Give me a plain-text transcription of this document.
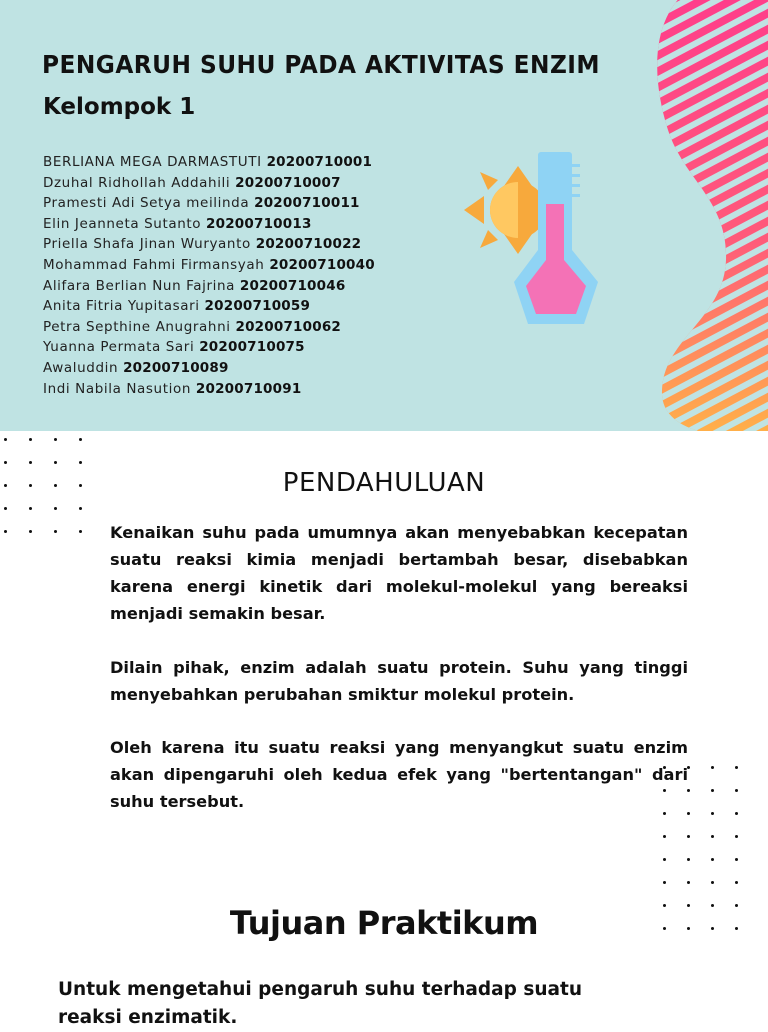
PENGARUH SUHU PADA AKTIVITAS ENZIM
Kelompok 1
BERLIANA MEGA DARMASTUTI 20200710001
Dzuhal Ridhollah Addahili 20200710007
Pramesti Adi Setya meilinda 20200710011
Elin Jeanneta Sutanto 20200710013
Priella Shafa Jinan Wuryanto 20200710022
Mohammad Fahmi Firmansyah 20200710040
Alifara Berlian Nun Fajrina 20200710046
Anita Fitria Yupitasari 20200710059
Petra Septhine Anugrahni 20200710062
Yuanna Permata Sari 20200710075
Awaluddin 20200710089
Indi Nabila Nasution 20200710091
PENDAHULUAN

Kenaikan suhu pada umumnya akan menyebabkan kecepatan suatu reaksi kimia menjadi bertambah besar, disebabkan karena energi kinetik dari molekul-molekul yang bereaksi menjadi semakin besar.

Dilain pihak, enzim adalah suatu protein. Suhu yang tinggi menyebahkan perubahan smiktur molekul protein.

Oleh karena itu suatu reaksi yang menyangkut suatu enzim akan dipengaruhi oleh kedua efek yang "bertentangan" dari suhu tersebut.

Tujuan Praktikum

Untuk mengetahui pengaruh suhu terhadap suatu reaksi enzimatik.
